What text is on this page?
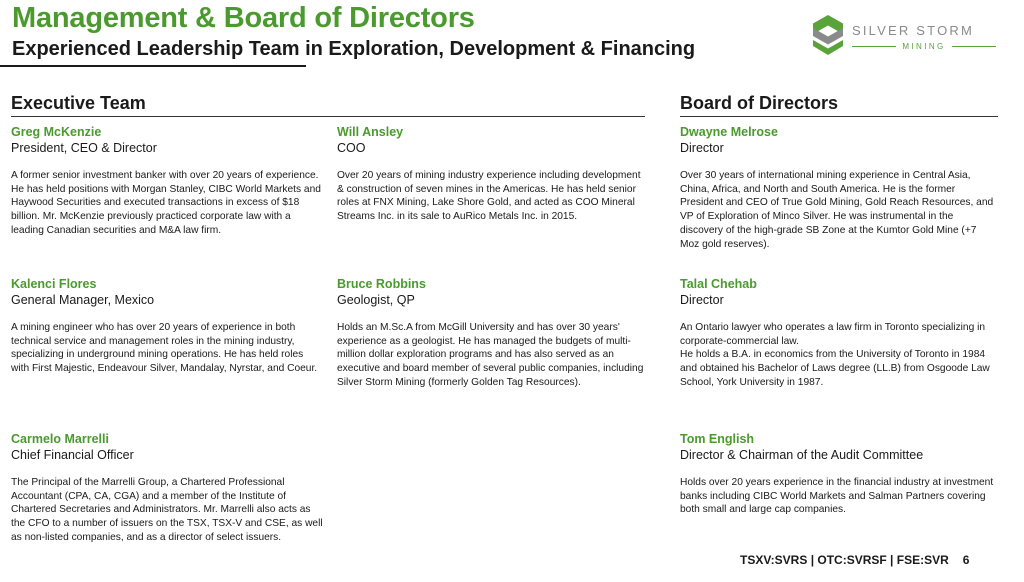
Management & Board of Directors
Experienced Leadership Team in Exploration, Development & Financing
SILVER STORM
MINING
Executive Team	Board of Directors

Greg McKenzie

President, CEO & Director

A former senior investment banker with over 20 years of experience. He has held positions with Morgan Stanley, CIBC World Markets and Haywood Securities and executed transactions in excess of $18 billion. Mr. McKenzie previously practiced corporate law with a leading Canadian securities and M&A law firm.

Will Ansley

COO

Over 20 years of mining industry experience including development & construction of seven mines in the Americas. He has held senior roles at FNX Mining, Lake Shore Gold, and acted as COO Mineral Streams Inc. in its sale to AuRico Metals Inc. in 2015.

Kalenci Flores

General Manager, Mexico

A mining engineer who has over 20 years of experience in both technical service and management roles in the mining industry, specializing in underground mining operations. He has held roles with First Majestic, Endeavour Silver, Mandalay, Nyrstar, and Coeur.

Bruce Robbins

Geologist, QP

Holds an M.Sc.A from McGill University and has over 30 years' experience as a geologist. He has managed the budgets of multi-million dollar exploration programs and has also served as an executive and board member of several public companies, including Silver Storm Mining (formerly Golden Tag Resources).

Carmelo Marrelli

Chief Financial Officer

The Principal of the Marrelli Group, a Chartered Professional Accountant (CPA, CA, CGA) and a member of the Institute of Chartered Secretaries and Administrators. Mr. Marrelli also acts as the CFO to a number of issuers on the TSX, TSX-V and CSE, as well as non-listed companies, and as a director of select issuers.

Dwayne Melrose

Director

Over 30 years of international mining experience in Central Asia, China, Africa, and North and South America. He is the former President and CEO of True Gold Mining, Gold Reach Resources, and VP of Exploration of Minco Silver. He was instrumental in the discovery of the high-grade SB Zone at the Kumtor Gold Mine (+7 Moz gold reserves).

Talal Chehab

Director

An Ontario lawyer who operates a law firm in Toronto specializing in corporate-commercial law.
He holds a B.A. in economics from the University of Toronto in 1984 and obtained his Bachelor of Laws degree (LL.B) from Osgoode Law School, York University in 1987.

Tom English

Director & Chairman of the Audit Committee

Holds over 20 years experience in the financial industry at investment banks including CIBC World Markets and Salman Partners covering both small and large cap companies.

TSXV:SVRS | OTC:SVRSF | FSE:SVR 6
